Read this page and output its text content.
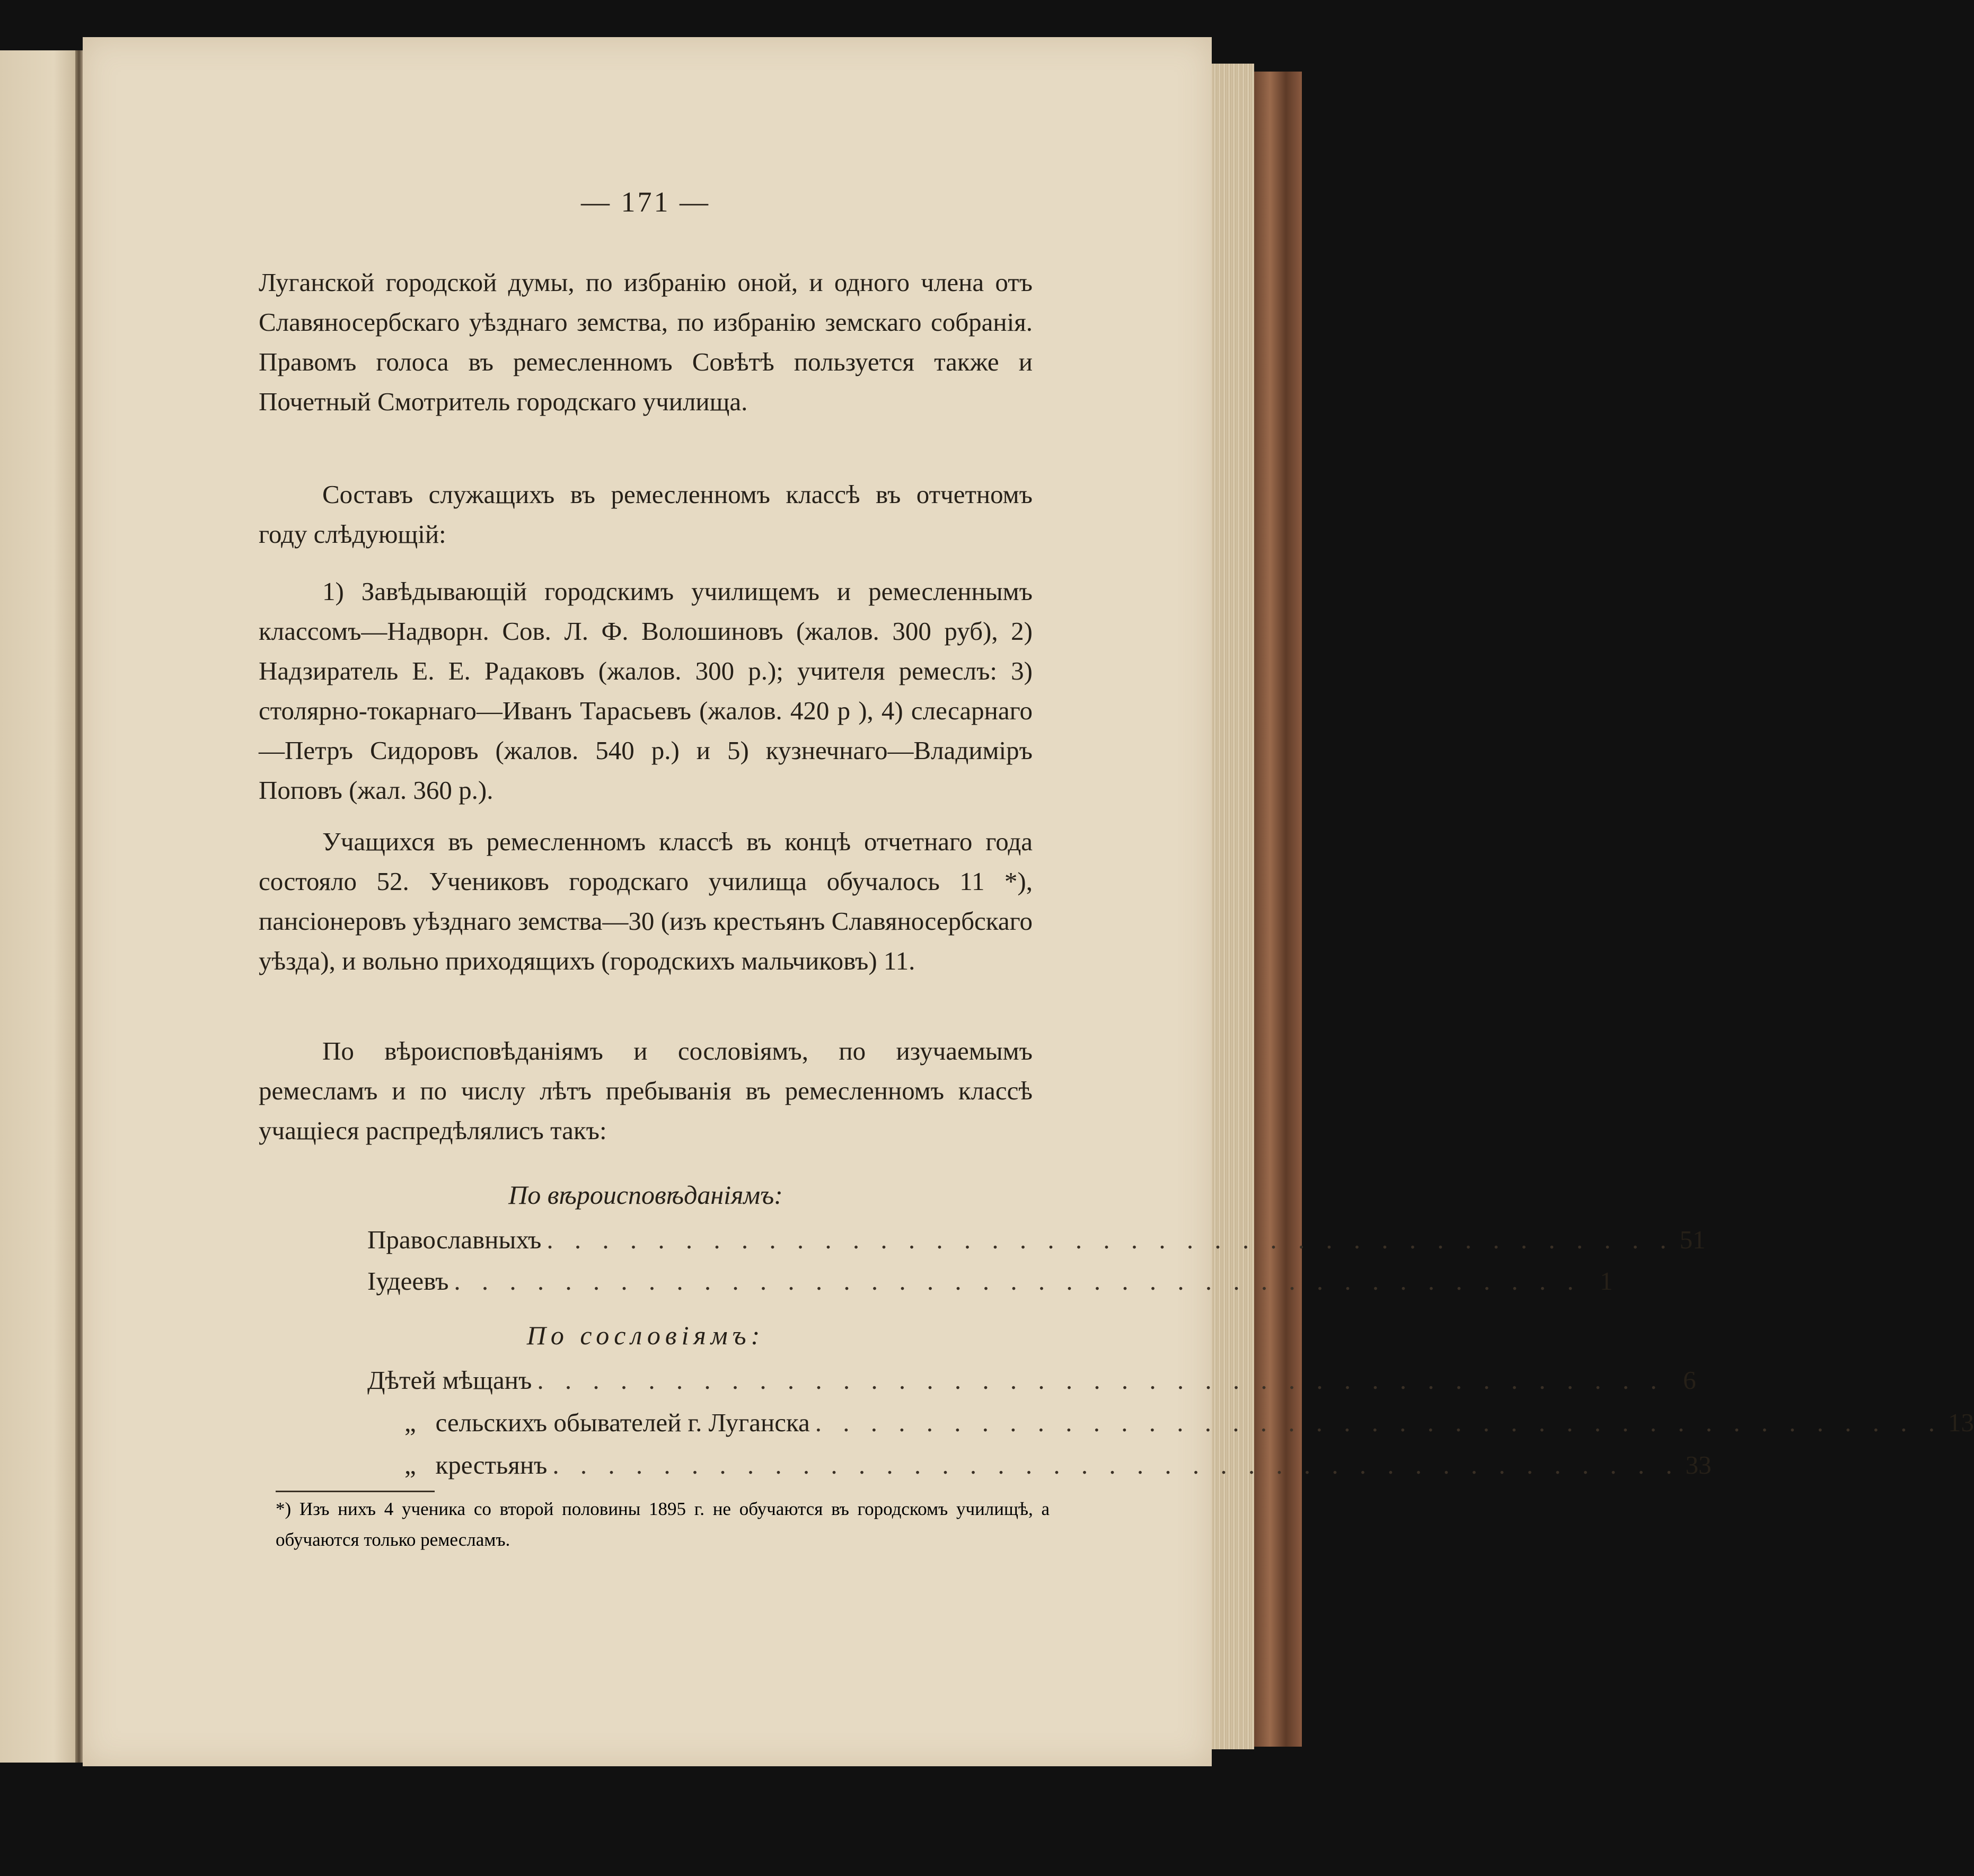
— 171 —
Луганской городской думы, по избранію оной, и одного члена отъ Славяносербскаго уѣзднаго земства, по избранію земскаго собранія. Правомъ голоса въ ремесленномъ Совѣтѣ пользуется также и Почетный Смотритель городскаго училища.
Составъ служащихъ въ ремесленномъ классѣ въ отчетномъ году слѣдующій:
1) Завѣдывающій городскимъ училищемъ и ремесленнымъ классомъ—Надворн. Сов. Л. Ф. Волошиновъ (жалов. 300 руб), 2) Надзиратель Е. Е. Радаковъ (жалов. 300 р.); учителя ремеслъ: 3) столярно-токарнаго—Иванъ Тарасьевъ (жалов. 420 р ), 4) слесарнаго—Петръ Сидоровъ (жалов. 540 р.) и 5) кузнечнаго—Владиміръ Поповъ (жал. 360 р.).
Учащихся въ ремесленномъ классѣ въ концѣ отчетнаго года состояло 52. Учениковъ городскаго училища обучалось 11 *), пансіонеровъ уѣзднаго земства—30 (изъ крестьянъ Славяносербскаго уѣзда), и вольно приходящихъ (городскихъ мальчиковъ) 11.
По вѣроисповѣданіямъ и сословіямъ, по изучаемымъ ремесламъ и по числу лѣтъ пребыванія въ ремесленномъ классѣ учащіеся распредѣлялисъ такъ:
По вѣроисповѣданіямъ:
Православныхъ . . . . . . . . . . . . . . . . . . . . . . . . . . . . . . . . . . . . . . . . . 51
Іудеевъ . . . . . . . . . . . . . . . . . . . . . . . . . . . . . . . . . . . . . . . . . 1
По сословіямъ:
Дѣтей мѣщанъ . . . . . . . . . . . . . . . . . . . . . . . . . . . . . . . . . . . . . . . . . 6
„   сельскихъ обывателей г. Луганска . . . . . . . . . . . . . . . . . . . . . . . . . . . . . . . . . . . . . . . . . 13
„   крестьянъ . . . . . . . . . . . . . . . . . . . . . . . . . . . . . . . . . . . . . . . . . 33
*) Изъ нихъ 4 ученика со второй половины 1895 г. не обучаются въ городскомъ училищѣ, а обучаются только ремесламъ.
